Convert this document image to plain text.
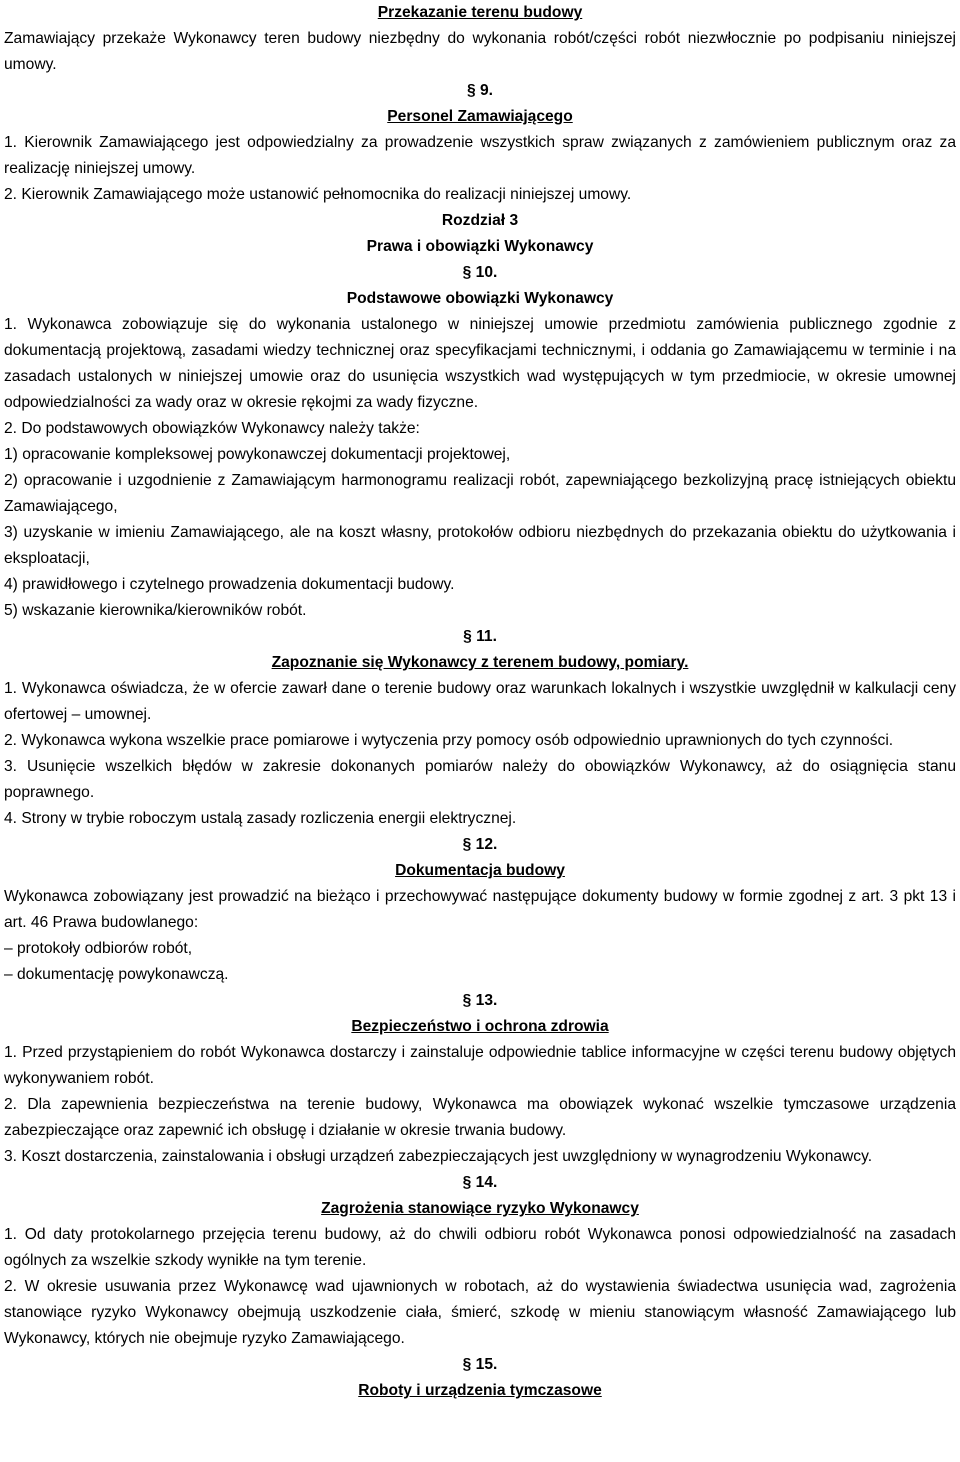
Przekazanie terenu budowy
Zamawiający przekaże Wykonawcy teren budowy niezbędny do wykonania robót/części robót niezwłocznie po podpisaniu niniejszej umowy.
§ 9.
Personel Zamawiającego
1. Kierownik Zamawiającego jest odpowiedzialny za prowadzenie wszystkich spraw związanych z zamówieniem publicznym oraz za realizację niniejszej umowy.
2. Kierownik Zamawiającego może ustanowić pełnomocnika do realizacji niniejszej umowy.
Rozdział 3
Prawa i obowiązki Wykonawcy
§ 10.
Podstawowe obowiązki Wykonawcy
1. Wykonawca zobowiązuje się do wykonania ustalonego w niniejszej umowie przedmiotu zamówienia publicznego zgodnie z dokumentacją projektową, zasadami wiedzy technicznej oraz specyfikacjami technicznymi, i oddania go Zamawiającemu w terminie i na zasadach ustalonych w niniejszej umowie oraz do usunięcia wszystkich wad występujących w tym przedmiocie, w okresie umownej odpowiedzialności za wady oraz w okresie rękojmi za wady fizyczne.
2. Do podstawowych obowiązków Wykonawcy należy także:
1) opracowanie kompleksowej powykonawczej dokumentacji projektowej,
2) opracowanie i uzgodnienie z Zamawiającym harmonogramu realizacji robót, zapewniającego bezkolizyjną pracę istniejących obiektu Zamawiającego,
3) uzyskanie w imieniu Zamawiającego, ale na koszt własny, protokołów odbioru niezbędnych do przekazania obiektu do użytkowania i eksploatacji,
4) prawidłowego i czytelnego prowadzenia dokumentacji budowy.
5) wskazanie kierownika/kierowników robót.
§ 11.
Zapoznanie się Wykonawcy z terenem budowy, pomiary.
1. Wykonawca oświadcza, że w ofercie zawarł dane o terenie budowy oraz warunkach lokalnych i wszystkie uwzględnił w kalkulacji ceny ofertowej – umownej.
2. Wykonawca wykona wszelkie prace pomiarowe i wytyczenia przy pomocy osób odpowiednio uprawnionych do tych czynności.
3. Usunięcie wszelkich błędów w zakresie dokonanych pomiarów należy do obowiązków Wykonawcy, aż do osiągnięcia stanu poprawnego.
4. Strony w trybie roboczym ustalą zasady rozliczenia energii elektrycznej.
§ 12.
Dokumentacja budowy
Wykonawca zobowiązany jest prowadzić na bieżąco i przechowywać następujące dokumenty budowy w formie zgodnej z art. 3 pkt 13 i art. 46 Prawa budowlanego:
– protokoły odbiorów robót,
– dokumentację powykonawczą.
§ 13.
Bezpieczeństwo i ochrona zdrowia
1. Przed przystąpieniem do robót Wykonawca dostarczy i zainstaluje odpowiednie tablice informacyjne w części terenu budowy objętych wykonywaniem robót.
2. Dla zapewnienia bezpieczeństwa na terenie budowy, Wykonawca ma obowiązek wykonać wszelkie tymczasowe urządzenia zabezpieczające oraz zapewnić ich obsługę i działanie w okresie trwania budowy.
3. Koszt dostarczenia, zainstalowania i obsługi urządzeń zabezpieczających jest uwzględniony w wynagrodzeniu Wykonawcy.
§ 14.
Zagrożenia stanowiące ryzyko Wykonawcy
1. Od daty protokolarnego przejęcia terenu budowy, aż do chwili odbioru robót Wykonawca ponosi odpowiedzialność na zasadach ogólnych za wszelkie szkody wynikłe na tym terenie.
2. W okresie usuwania przez Wykonawcę wad ujawnionych w robotach, aż do wystawienia świadectwa usunięcia wad, zagrożenia stanowiące ryzyko Wykonawcy obejmują uszkodzenie ciała, śmierć, szkodę w mieniu stanowiącym własność Zamawiającego lub Wykonawcy, których nie obejmuje ryzyko Zamawiającego.
§ 15.
Roboty i urządzenia tymczasowe
